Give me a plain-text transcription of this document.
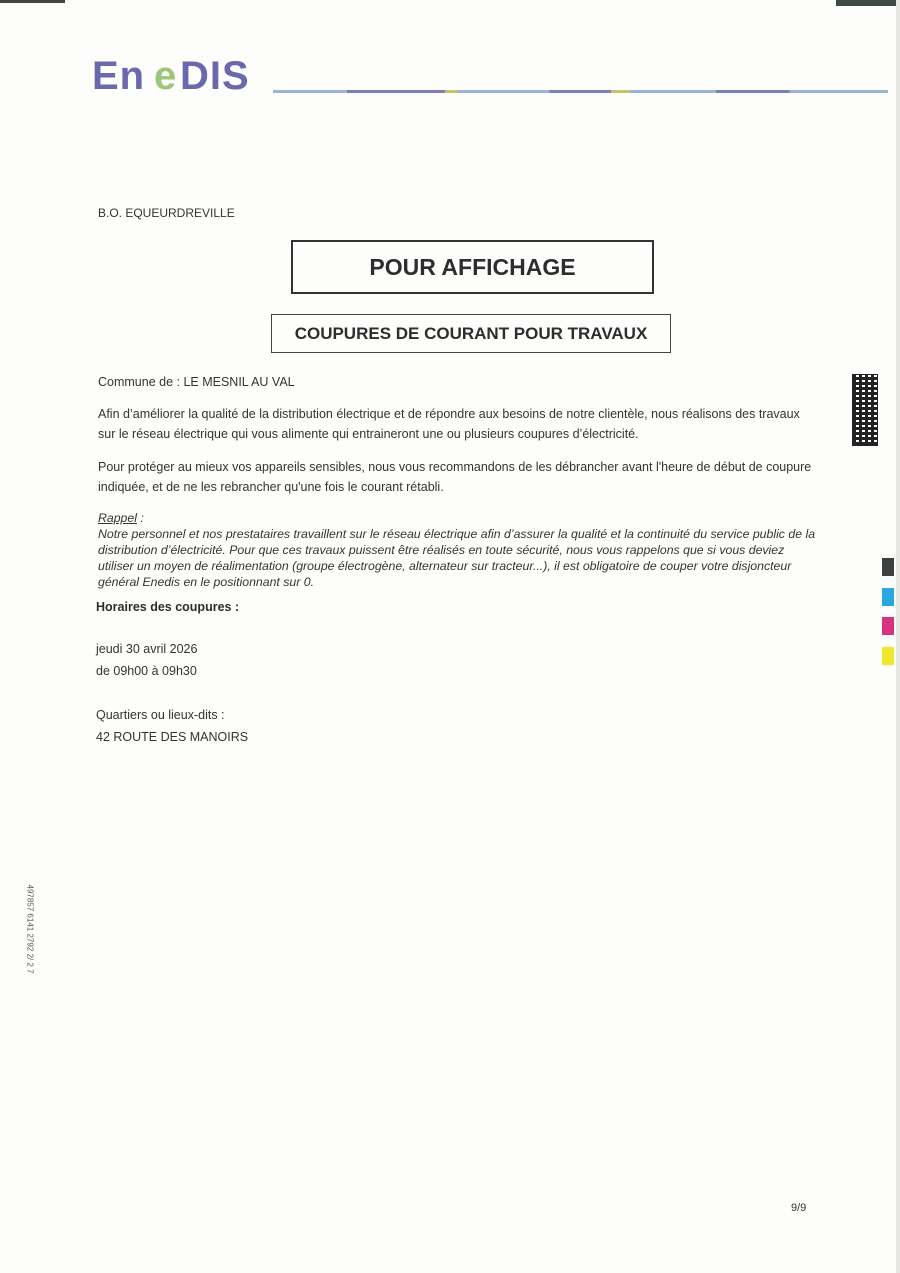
En e DIS
B.O. EQUEURDREVILLE
POUR AFFICHAGE
COUPURES DE COURANT POUR TRAVAUX
Commune de : LE MESNIL AU VAL
Afin d’améliorer la qualité de la distribution électrique et de répondre aux besoins de notre clientèle, nous réalisons des travaux sur le réseau électrique qui vous alimente qui entraineront une ou plusieurs coupures d’électricité.
Pour protéger au mieux vos appareils sensibles, nous vous recommandons de les débrancher avant l'heure de début de coupure indiquée, et de ne les rebrancher qu'une fois le courant rétabli.
Rappel :
Notre personnel et nos prestataires travaillent sur le réseau électrique afin d’assurer la qualité et la continuité du service public de la distribution d’électricité. Pour que ces travaux puissent être réalisés en toute sécurité, nous vous rappelons que si vous deviez utiliser un moyen de réalimentation (groupe électrogène, alternateur sur tracteur...), il est obligatoire de couper votre disjoncteur général Enedis en le positionnant sur 0.
Horaires des coupures :
jeudi 30 avril 2026
de 09h00 à 09h30
Quartiers ou lieux-dits :
42 ROUTE DES MANOIRS
497857 6141 2792 2/ 2 7
9/9
